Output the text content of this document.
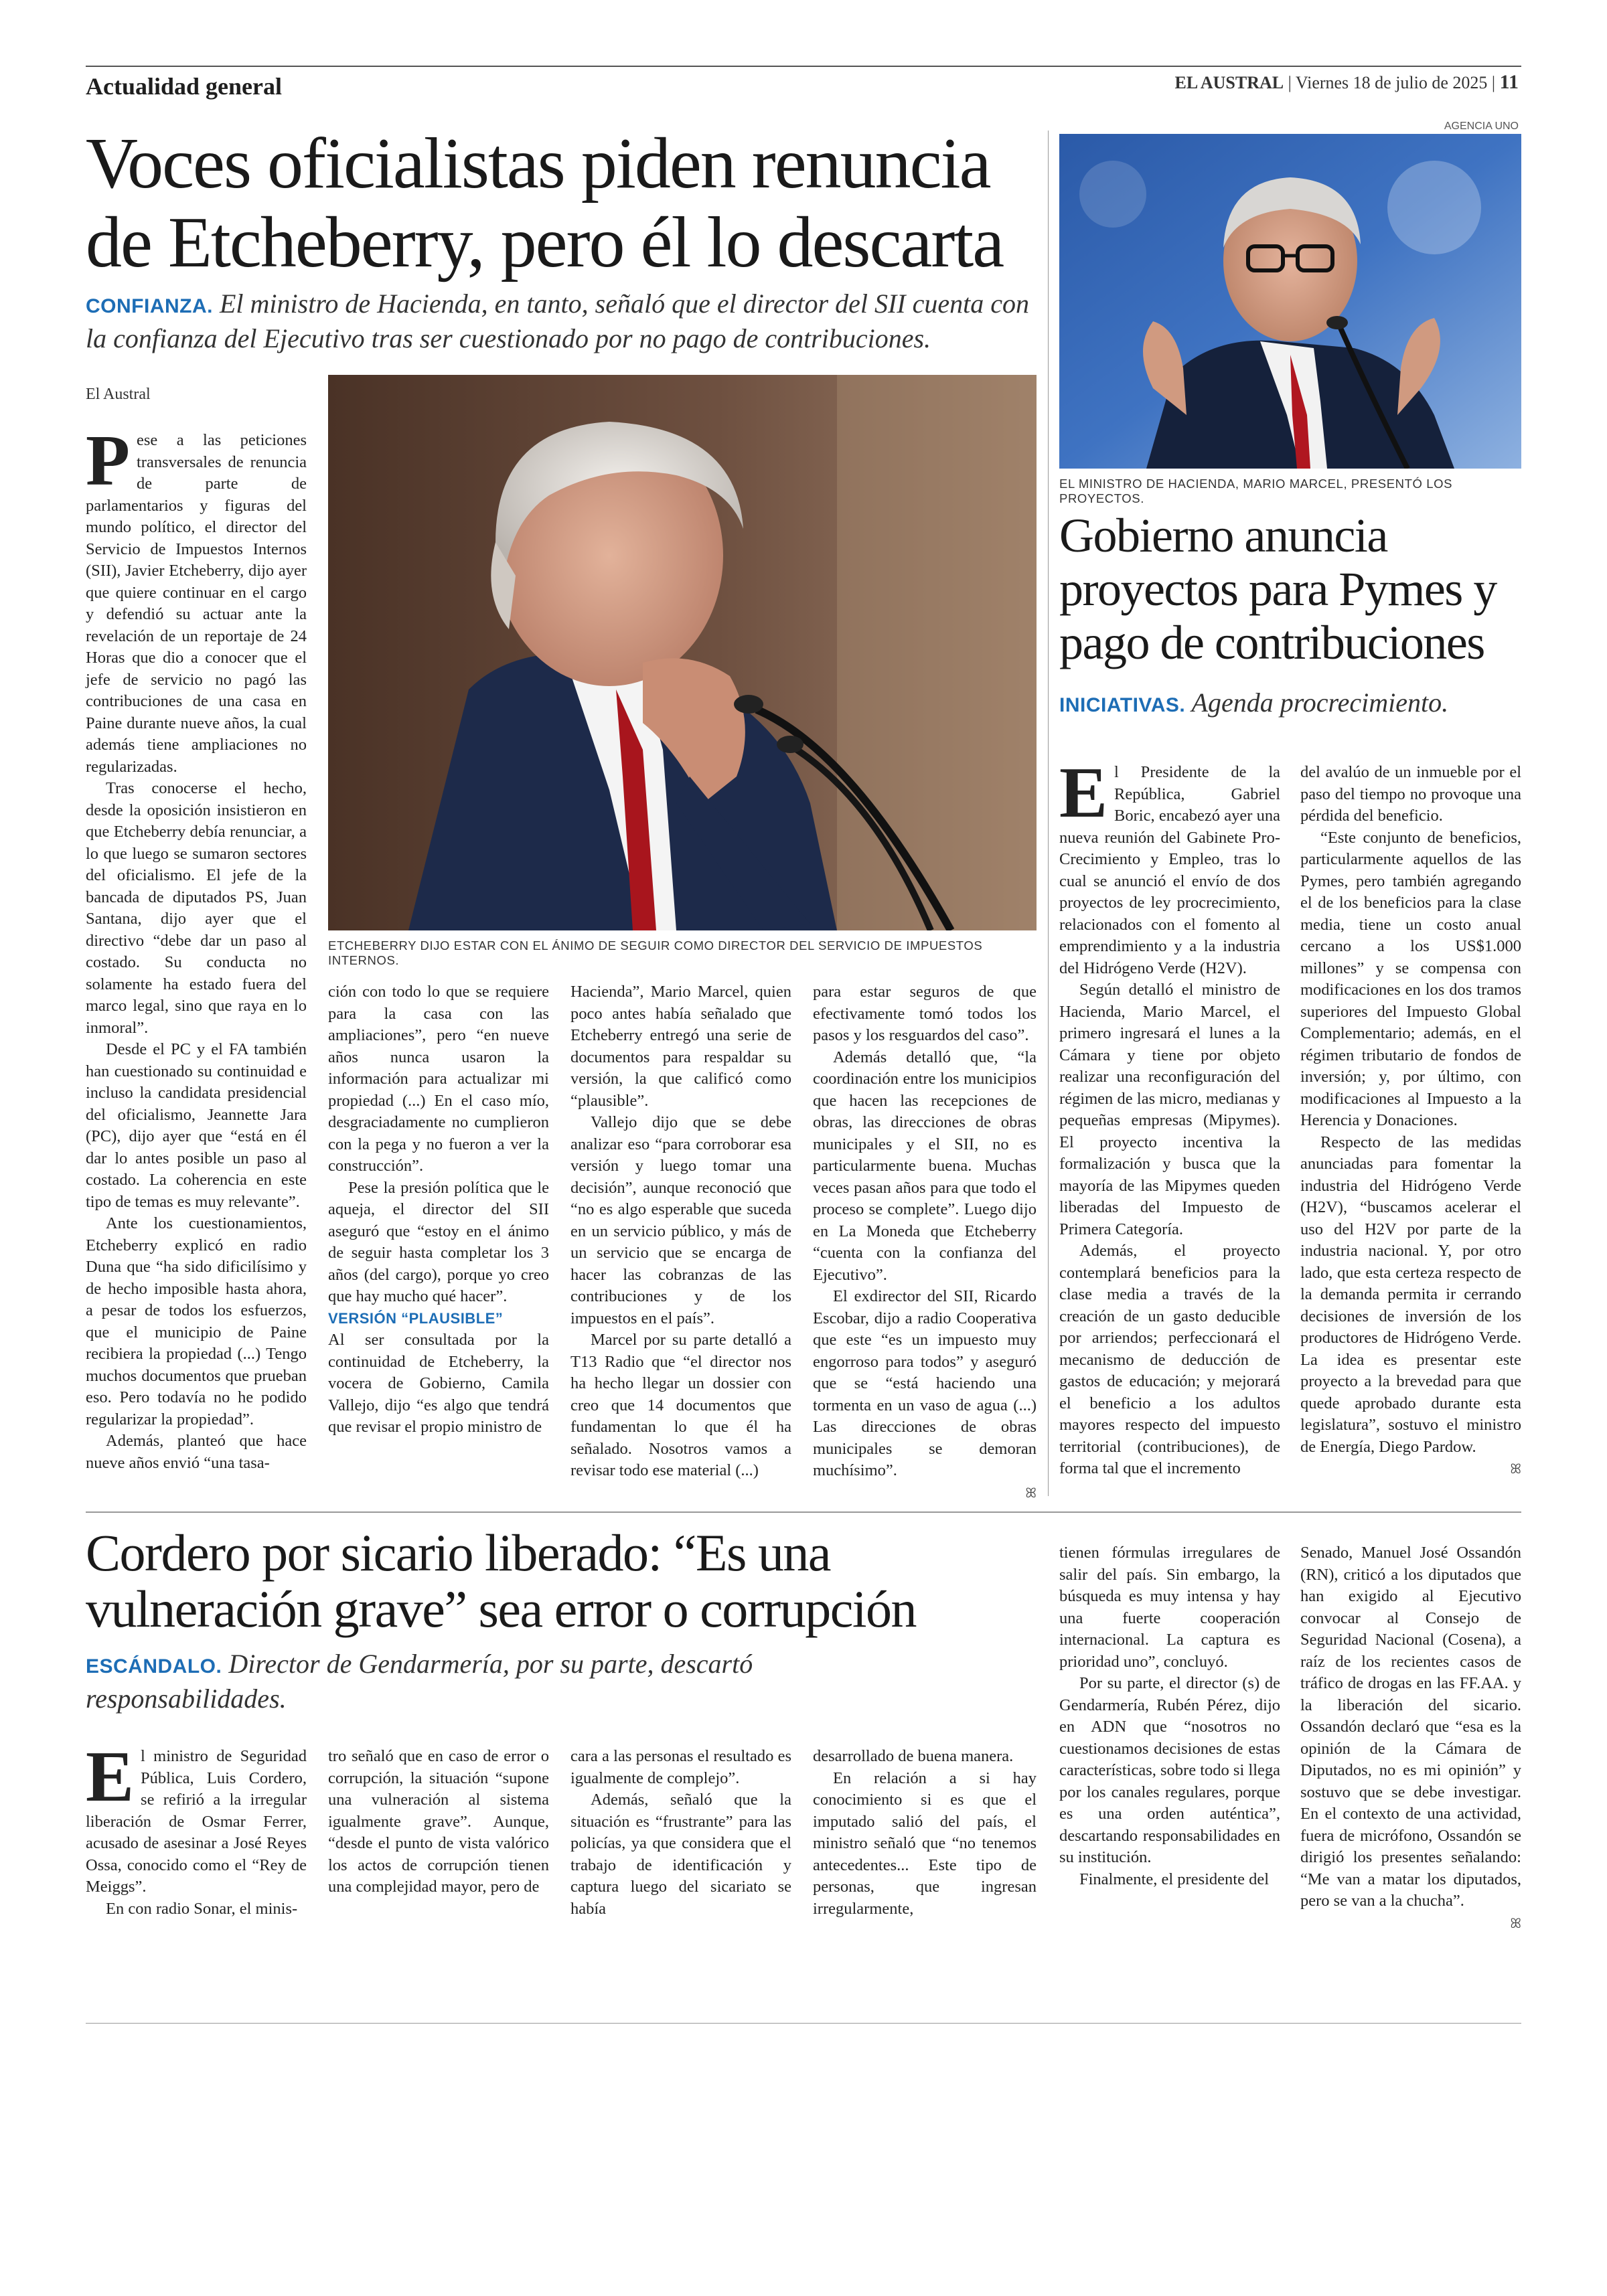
Actualidad general	EL AUSTRAL | Viernes 18 de julio de 2025 | 11
Voces oficialistas piden renuncia de Etcheberry, pero él lo descarta
CONFIANZA. El ministro de Hacienda, en tanto, señaló que el director del SII cuenta con la confianza del Ejecutivo tras ser cuestionado por no pago de contribuciones.
El Austral
ETCHEBERRY DIJO ESTAR CON EL ÁNIMO DE SEGUIR COMO DIRECTOR DEL SERVICIO DE IMPUESTOS INTERNOS.
P ese a las peticiones transversales de renuncia de parte de parlamentarios y figuras del mundo político, el director del Servicio de Impuestos Internos (SII), Javier Etcheberry, dijo ayer que quiere continuar en el cargo y defendió su actuar ante la revelación de un reportaje de 24 Horas que dio a conocer que el jefe de servicio no pagó las contribuciones de una casa en Paine durante nueve años, la cual además tiene ampliaciones no regularizadas.

Tras conocerse el hecho, desde la oposición insistieron en que Etcheberry debía renunciar, a lo que luego se sumaron sectores del oficialismo. El jefe de la bancada de diputados PS, Juan Santana, dijo ayer que el directivo “debe dar un paso al costado. Su conducta no solamente ha estado fuera del marco legal, sino que raya en lo inmoral”.

Desde el PC y el FA también han cuestionado su continuidad e incluso la candidata presidencial del oficialismo, Jeannette Jara (PC), dijo ayer que “está en él dar lo antes posible un paso al costado. La coherencia en este tipo de temas es muy relevante”.

Ante los cuestionamientos, Etcheberry explicó en radio Duna que “ha sido dificilísimo y de hecho imposible hasta ahora, a pesar de todos los esfuerzos, que el municipio de Paine recibiera la propiedad (...) Tengo muchos documentos que prueban eso. Pero todavía no he podido regularizar la propiedad”.

Además, planteó que hace nueve años envió “una tasa-

ción con todo lo que se requiere para la casa con las ampliaciones”, pero “en nueve años nunca usaron la información para actualizar mi propiedad (...) En el caso mío, desgraciadamente no cumplieron con la pega y no fueron a ver la construcción”.

Pese la presión política que le aqueja, el director del SII aseguró que “estoy en el ánimo de seguir hasta completar los 3 años (del cargo), porque yo creo que hay mucho qué hacer”.

VERSIÓN “PLAUSIBLE”

Al ser consultada por la continuidad de Etcheberry, la vocera de Gobierno, Camila Vallejo, dijo “es algo que tendrá que revisar el propio ministro de

Hacienda”, Mario Marcel, quien poco antes había señalado que Etcheberry entregó una serie de documentos para respaldar su versión, la que calificó como “plausible”.

Vallejo dijo que se debe analizar eso “para corroborar esa versión y luego tomar una decisión”, aunque reconoció que “no es algo esperable que suceda en un servicio público, y más de un servicio que se encarga de hacer las cobranzas de las contribuciones y de los impuestos en el país”.

Marcel por su parte detalló a T13 Radio que “el director nos ha hecho llegar un dossier con creo que 14 documentos que fundamentan lo que él ha señalado. Nosotros vamos a revisar todo ese material (...)

para estar seguros de que efectivamente tomó todos los pasos y los resguardos del caso”.

Además detalló que, “la coordinación entre los municipios que hacen las recepciones de obras, las direcciones de obras municipales y el SII, no es particularmente buena. Muchas veces pasan años para que todo el proceso se complete”. Luego dijo en La Moneda que Etcheberry “cuenta con la confianza del Ejecutivo”.

El exdirector del SII, Ricardo Escobar, dijo a radio Cooperativa que este “es un impuesto muy engorroso para todos” y aseguró que se “está haciendo una tormenta en un vaso de agua (...) Las direcciones de obras municipales se demoran muchísimo”.

ꕤ
AGENCIA UNO
EL MINISTRO DE HACIENDA, MARIO MARCEL, PRESENTÓ LOS PROYECTOS.
Gobierno anuncia proyectos para Pymes y pago de contribuciones
INICIATIVAS. Agenda procrecimiento.
E l Presidente de la República, Gabriel Boric, encabezó ayer una nueva reunión del Gabinete Pro-Crecimiento y Empleo, tras lo cual se anunció el envío de dos proyectos de ley procrecimiento, relacionados con el fomento al emprendimiento y a la industria del Hidrógeno Verde (H2V).

Según detalló el ministro de Hacienda, Mario Marcel, el primero ingresará el lunes a la Cámara y tiene por objeto realizar una reconfiguración del régimen de las micro, medianas y pequeñas empresas (Mipymes). El proyecto incentiva la formalización y busca que la mayoría de las Mipymes queden liberadas del Impuesto de Primera Categoría.

Además, el proyecto contemplará beneficios para la clase media a través de la creación de un gasto deducible por arriendos; perfeccionará el mecanismo de deducción de gastos de educación; y mejorará el beneficio a los adultos mayores respecto del impuesto territorial (contribuciones), de forma tal que el incremento

del avalúo de un inmueble por el paso del tiempo no provoque una pérdida del beneficio.

“Este conjunto de beneficios, particularmente aquellos de las Pymes, pero también agregando el de los beneficios para la clase media, tiene un costo anual cercano a los US$1.000 millones” y se compensa con modificaciones en los dos tramos superiores del Impuesto Global Complementario; además, en el régimen tributario de fondos de inversión; y, por último, con modificaciones al Impuesto a la Herencia y Donaciones.

Respecto de las medidas anunciadas para fomentar la industria del Hidrógeno Verde (H2V), “buscamos acelerar el uso del H2V por parte de la industria nacional. Y, por otro lado, que esta certeza respecto de la demanda permita ir cerrando decisiones de inversión de los productores de Hidrógeno Verde. La idea es presentar este proyecto a la brevedad para que quede aprobado durante esta legislatura”, sostuvo el ministro de Energía, Diego Pardow.

ꕤ
Cordero por sicario liberado: “Es una vulneración grave” sea error o corrupción
ESCÁNDALO. Director de Gendarmería, por su parte, descartó responsabilidades.
E l ministro de Seguridad Pública, Luis Cordero, se refirió a la irregular liberación de Osmar Ferrer, acusado de asesinar a José Reyes Ossa, conocido como el “Rey de Meiggs”.

En con radio Sonar, el minis-

tro señaló que en caso de error o corrupción, la situación “supone una vulneración al sistema igualmente grave”. Aunque, “desde el punto de vista valórico los actos de corrupción tienen una complejidad mayor, pero de

cara a las personas el resultado es igualmente de complejo”.

Además, señaló que la situación es “frustrante” para las policías, ya que considera que el trabajo de identificación y captura luego del sicariato se había

desarrollado de buena manera.

En relación a si hay conocimiento si es que el imputado salió del país, el ministro señaló que “no tenemos antecedentes... Este tipo de personas, que ingresan irregularmente,

tienen fórmulas irregulares de salir del país. Sin embargo, la búsqueda es muy intensa y hay una fuerte cooperación internacional. La captura es prioridad uno”, concluyó.

Por su parte, el director (s) de Gendarmería, Rubén Pérez, dijo en ADN que “nosotros no cuestionamos decisiones de estas características, sobre todo si llega por los canales regulares, porque es una orden auténtica”, descartando responsabilidades en su institución.

Finalmente, el presidente del

Senado, Manuel José Ossandón (RN), criticó a los diputados que han exigido al Ejecutivo convocar al Consejo de Seguridad Nacional (Cosena), a raíz de los recientes casos de tráfico de drogas en las FF.AA. y la liberación del sicario. Ossandón declaró que “esa es la opinión de la Cámara de Diputados, no es mi opinión” y sostuvo que se debe investigar. En el contexto de una actividad, fuera de micrófono, Ossandón se dirigió los presentes señalando: “Me van a matar los diputados, pero se van a la chucha”.

ꕤ
